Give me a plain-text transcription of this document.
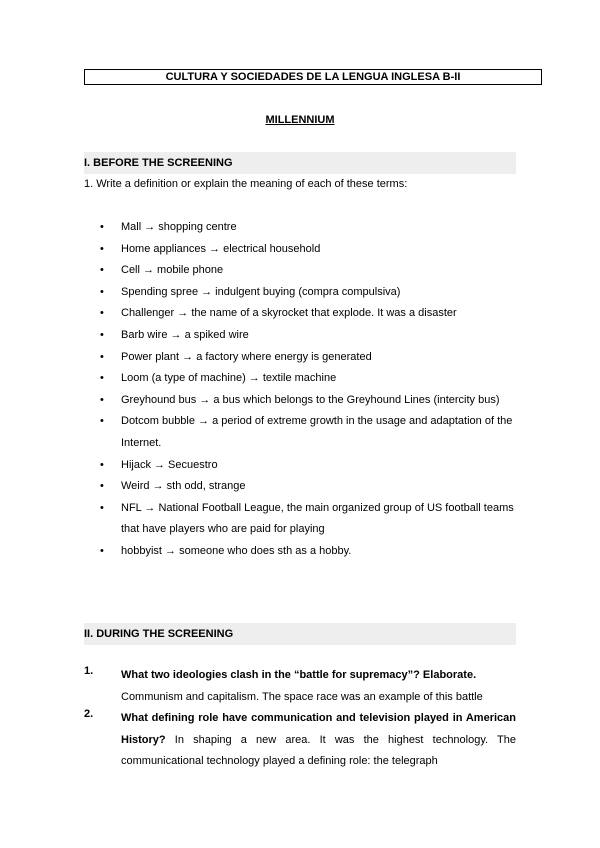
CULTURA Y SOCIEDADES DE LA LENGUA INGLESA B-II
MILLENNIUM
I. BEFORE THE SCREENING
1. Write a definition or explain the meaning of each of these terms:
• Mall → shopping centre
• Home appliances → electrical household
• Cell → mobile phone
• Spending spree → indulgent buying (compra compulsiva)
• Challenger → the name of a skyrocket that explode. It was a disaster
• Barb wire → a spiked wire
• Power plant → a factory where energy is generated
• Loom (a type of machine) → textile machine
• Greyhound bus → a bus which belongs to the Greyhound Lines (intercity bus)
• Dotcom bubble → a period of extreme growth in the usage and adaptation of the Internet.
• Hijack → Secuestro
• Weird → sth odd, strange
• NFL → National Football League, the main organized group of US football teams that have players who are paid for playing
• hobbyist → someone who does sth as a hobby.
II. DURING THE SCREENING
1.	What two ideologies clash in the “battle for supremacy”? Elaborate.
Communism and capitalism. The space race was an example of this battle
2.	What defining role have communication and television played in American History? In shaping a new area. It was the highest technology. The communicational technology played a defining role: the telegraph
